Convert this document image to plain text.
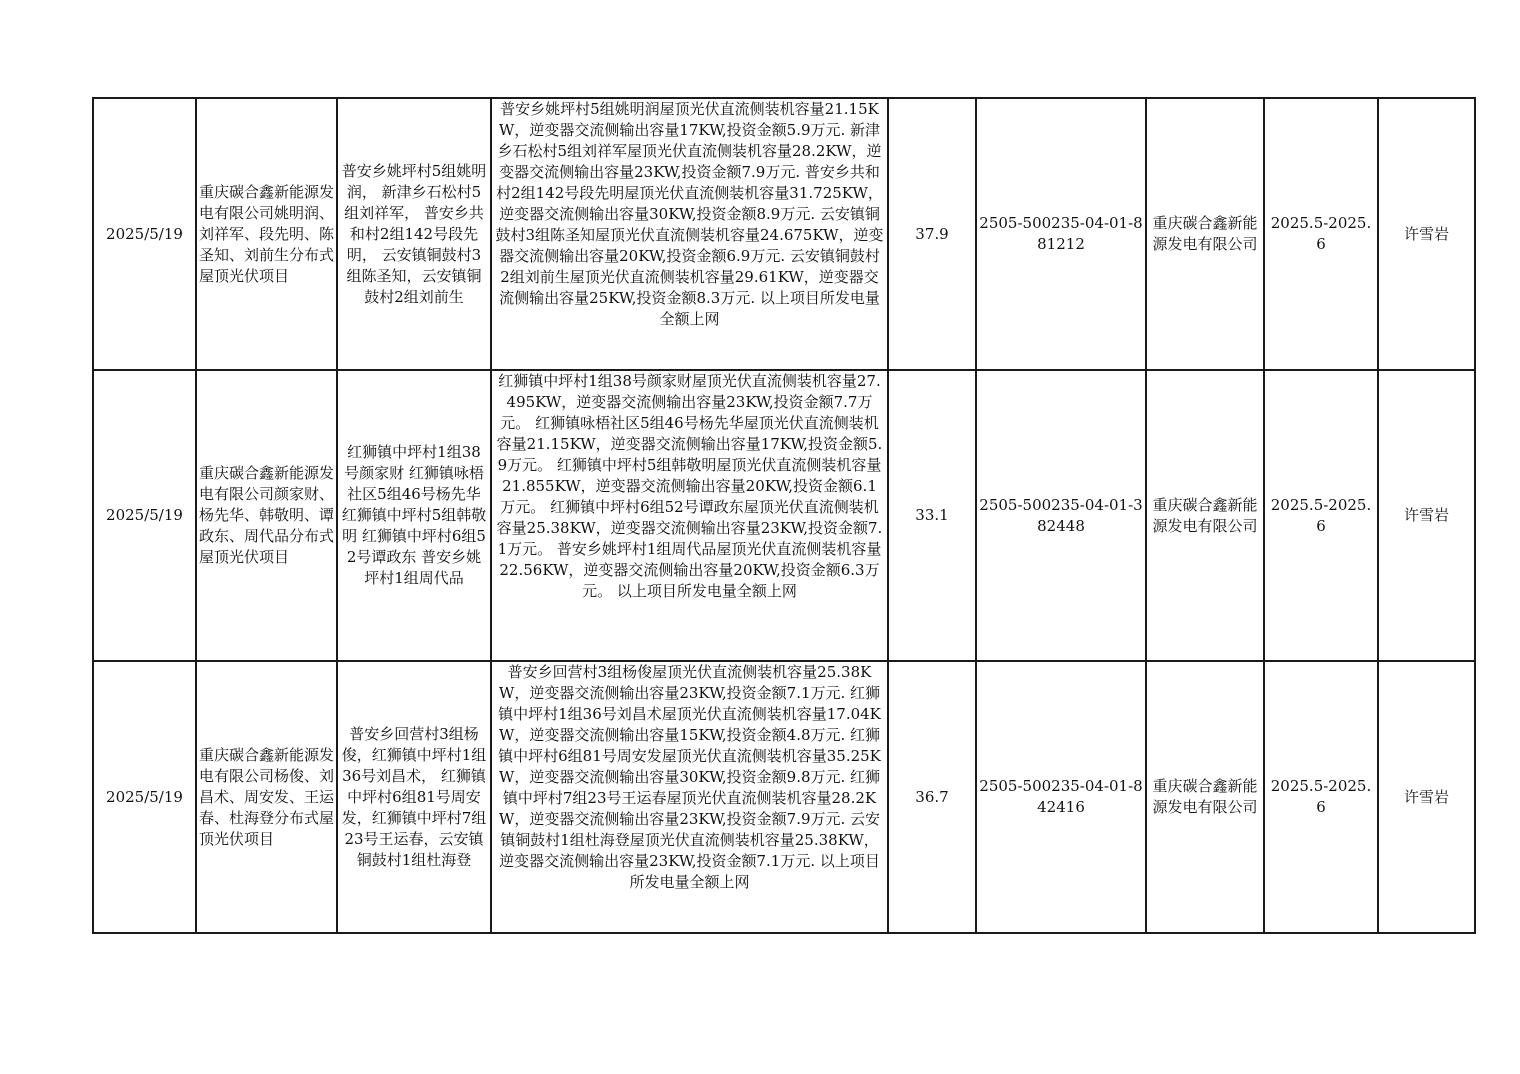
2025/5/19	重庆碳合鑫新能源发电有限公司姚明润、刘祥军、段先明、陈圣知、刘前生分布式屋顶光伏项目	普安乡姚坪村5组姚明润， 新津乡石松村5组刘祥军， 普安乡共和村2组142号段先明， 云安镇铜鼓村3组陈圣知，云安镇铜鼓村2组刘前生	普安乡姚坪村5组姚明润屋顶光伏直流侧装机容量21.15KW，逆变器交流侧输出容量17KW,投资金额5.9万元. 新津乡石松村5组刘祥军屋顶光伏直流侧装机容量28.2KW，逆变器交流侧输出容量23KW,投资金额7.9万元. 普安乡共和村2组142号段先明屋顶光伏直流侧装机容量31.725KW，逆变器交流侧输出容量30KW,投资金额8.9万元. 云安镇铜鼓村3组陈圣知屋顶光伏直流侧装机容量24.675KW，逆变器交流侧输出容量20KW,投资金额6.9万元. 云安镇铜鼓村2组刘前生屋顶光伏直流侧装机容量29.61KW，逆变器交流侧输出容量25KW,投资金额8.3万元. 以上项目所发电量全额上网	37.9	2505-500235-04-01-881212	重庆碳合鑫新能源发电有限公司	2025.5-2025.6	许雪岩

2025/5/19	重庆碳合鑫新能源发电有限公司颜家财、杨先华、韩敬明、谭政东、周代品分布式屋顶光伏项目	红狮镇中坪村1组38号颜家财 红狮镇咏梧社区5组46号杨先华 红狮镇中坪村5组韩敬明 红狮镇中坪村6组52号谭政东 普安乡姚坪村1组周代品	红狮镇中坪村1组38号颜家财屋顶光伏直流侧装机容量27.495KW，逆变器交流侧输出容量23KW,投资金额7.7万元。 红狮镇咏梧社区5组46号杨先华屋顶光伏直流侧装机容量21.15KW，逆变器交流侧输出容量17KW,投资金额5.9万元。 红狮镇中坪村5组韩敬明屋顶光伏直流侧装机容量21.855KW，逆变器交流侧输出容量20KW,投资金额6.1万元。 红狮镇中坪村6组52号谭政东屋顶光伏直流侧装机容量25.38KW，逆变器交流侧输出容量23KW,投资金额7.1万元。 普安乡姚坪村1组周代品屋顶光伏直流侧装机容量22.56KW，逆变器交流侧输出容量20KW,投资金额6.3万元。 以上项目所发电量全额上网	33.1	2505-500235-04-01-382448	重庆碳合鑫新能源发电有限公司	2025.5-2025.6	许雪岩

2025/5/19	重庆碳合鑫新能源发电有限公司杨俊、刘昌术、周安发、王运春、杜海登分布式屋顶光伏项目	普安乡回营村3组杨俊，红狮镇中坪村1组36号刘昌术， 红狮镇中坪村6组81号周安发，红狮镇中坪村7组23号王运春，云安镇铜鼓村1组杜海登	普安乡回营村3组杨俊屋顶光伏直流侧装机容量25.38KW，逆变器交流侧输出容量23KW,投资金额7.1万元. 红狮镇中坪村1组36号刘昌术屋顶光伏直流侧装机容量17.04KW，逆变器交流侧输出容量15KW,投资金额4.8万元. 红狮镇中坪村6组81号周安发屋顶光伏直流侧装机容量35.25KW，逆变器交流侧输出容量30KW,投资金额9.8万元. 红狮镇中坪村7组23号王运春屋顶光伏直流侧装机容量28.2KW，逆变器交流侧输出容量23KW,投资金额7.9万元. 云安镇铜鼓村1组杜海登屋顶光伏直流侧装机容量25.38KW，逆变器交流侧输出容量23KW,投资金额7.1万元. 以上项目所发电量全额上网	36.7	2505-500235-04-01-842416	重庆碳合鑫新能源发电有限公司	2025.5-2025.6	许雪岩
